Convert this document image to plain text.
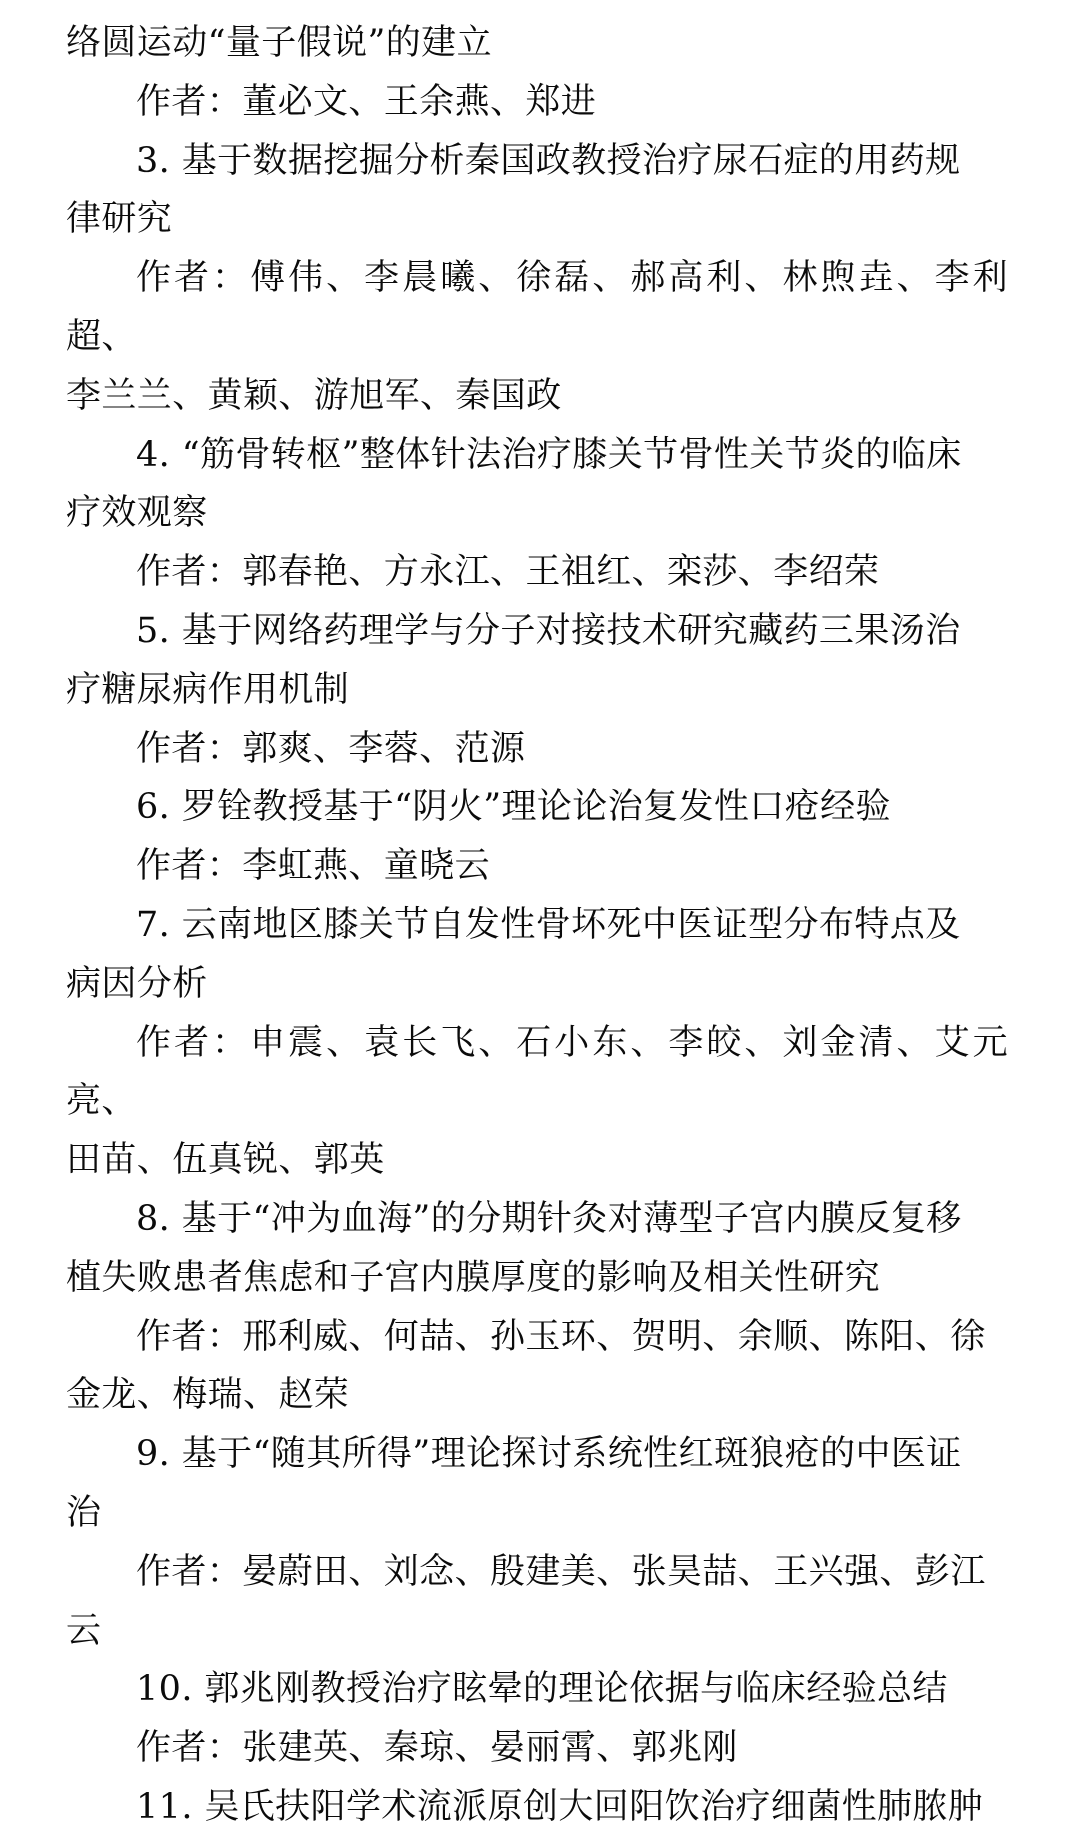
络圆运动“量子假说”的建立

作者：董必文、王余燕、郑进

3. 基于数据挖掘分析秦国政教授治疗尿石症的用药规

律研究

作者：傅伟、李晨曦、徐磊、郝高利、林煦垚、李利超、

李兰兰、黄颖、游旭军、秦国政

4. “筋骨转枢”整体针法治疗膝关节骨性关节炎的临床

疗效观察

作者：郭春艳、方永江、王祖红、栾莎、李绍荣

5. 基于网络药理学与分子对接技术研究藏药三果汤治

疗糖尿病作用机制

作者：郭爽、李蓉、范源

6. 罗铨教授基于“阴火”理论论治复发性口疮经验

作者：李虹燕、童晓云

7. 云南地区膝关节自发性骨坏死中医证型分布特点及

病因分析

作者：申震、袁长飞、石小东、李皎、刘金清、艾元亮、

田苗、伍真锐、郭英

8. 基于“冲为血海”的分期针灸对薄型子宫内膜反复移

植失败患者焦虑和子宫内膜厚度的影响及相关性研究

作者：邢利威、何喆、孙玉环、贺明、余顺、陈阳、徐

金龙、梅瑞、赵荣

9. 基于“随其所得”理论探讨系统性红斑狼疮的中医证

治

作者：晏蔚田、刘念、殷建美、张昊喆、王兴强、彭江

云

10. 郭兆刚教授治疗眩晕的理论依据与临床经验总结

作者：张建英、秦琼、晏丽霄、郭兆刚

11. 吴氏扶阳学术流派原创大回阳饮治疗细菌性肺脓肿
